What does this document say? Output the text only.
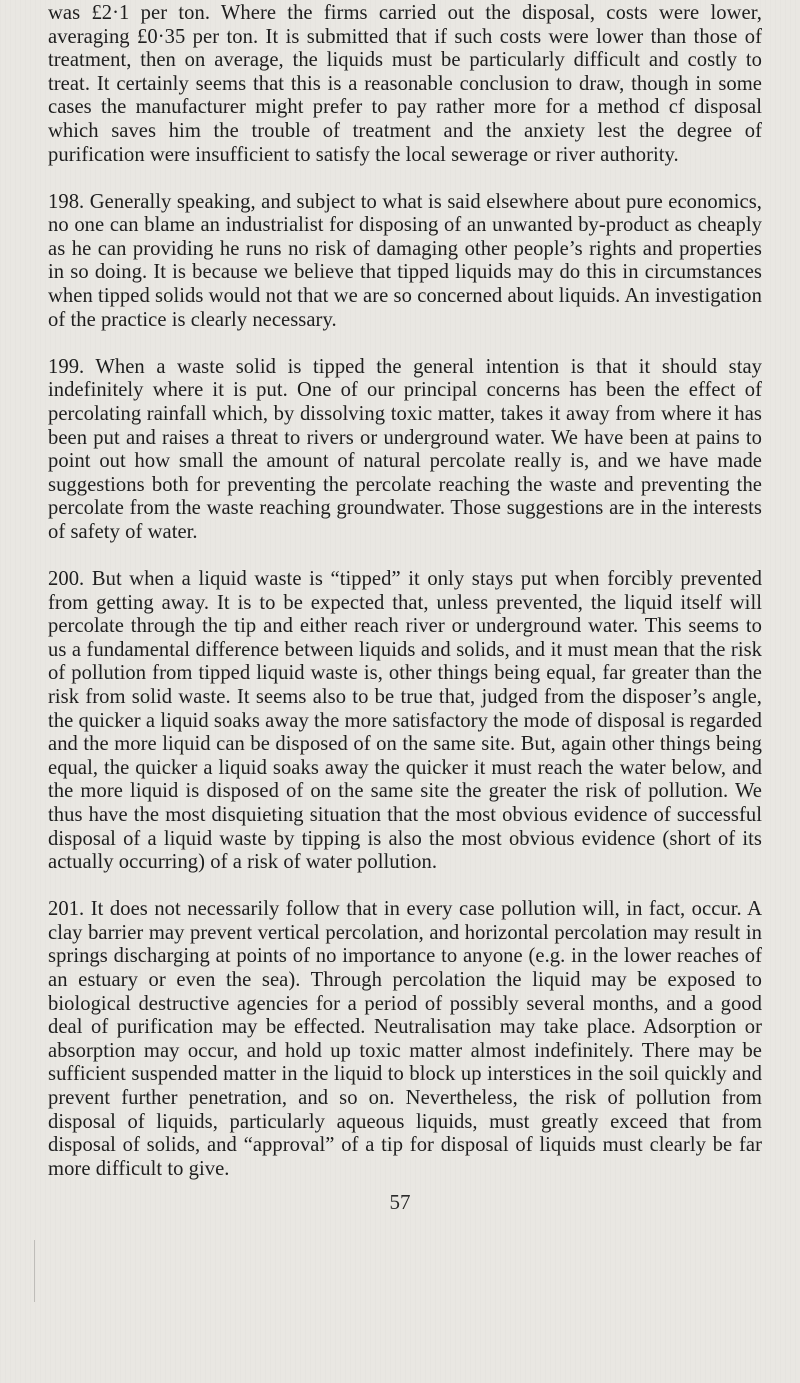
was £2·1 per ton. Where the firms carried out the disposal, costs were lower, averaging £0·35 per ton. It is submitted that if such costs were lower than those of treatment, then on average, the liquids must be particularly difficult and costly to treat. It certainly seems that this is a reasonable conclusion to draw, though in some cases the manufacturer might prefer to pay rather more for a method cf disposal which saves him the trouble of treatment and the anxiety lest the degree of purification were insufficient to satisfy the local sewerage or river authority.

198. Generally speaking, and subject to what is said elsewhere about pure economics, no one can blame an industrialist for disposing of an unwanted by-product as cheaply as he can providing he runs no risk of damaging other people’s rights and properties in so doing. It is because we believe that tipped liquids may do this in circumstances when tipped solids would not that we are so concerned about liquids. An investigation of the practice is clearly necessary.

199. When a waste solid is tipped the general intention is that it should stay indefinitely where it is put. One of our principal concerns has been the effect of percolating rainfall which, by dissolving toxic matter, takes it away from where it has been put and raises a threat to rivers or underground water. We have been at pains to point out how small the amount of natural percolate really is, and we have made suggestions both for preventing the percolate reaching the waste and preventing the percolate from the waste reaching groundwater. Those suggestions are in the interests of safety of water.

200. But when a liquid waste is “tipped” it only stays put when forcibly prevented from getting away. It is to be expected that, unless prevented, the liquid itself will percolate through the tip and either reach river or underground water. This seems to us a fundamental difference between liquids and solids, and it must mean that the risk of pollution from tipped liquid waste is, other things being equal, far greater than the risk from solid waste. It seems also to be true that, judged from the disposer’s angle, the quicker a liquid soaks away the more satisfactory the mode of disposal is regarded and the more liquid can be disposed of on the same site. But, again other things being equal, the quicker a liquid soaks away the quicker it must reach the water below, and the more liquid is disposed of on the same site the greater the risk of pollution. We thus have the most disquieting situation that the most obvious evidence of successful disposal of a liquid waste by tipping is also the most obvious evidence (short of its actually occurring) of a risk of water pollution.

201. It does not necessarily follow that in every case pollution will, in fact, occur. A clay barrier may prevent vertical percolation, and horizontal percolation may result in springs discharging at points of no importance to anyone (e.g. in the lower reaches of an estuary or even the sea). Through percolation the liquid may be exposed to biological destructive agencies for a period of possibly several months, and a good deal of purification may be effected. Neutralisation may take place. Adsorption or absorption may occur, and hold up toxic matter almost indefinitely. There may be sufficient suspended matter in the liquid to block up interstices in the soil quickly and prevent further penetration, and so on. Nevertheless, the risk of pollution from disposal of liquids, particularly aqueous liquids, must greatly exceed that from disposal of solids, and “approval” of a tip for disposal of liquids must clearly be far more difficult to give.

57
